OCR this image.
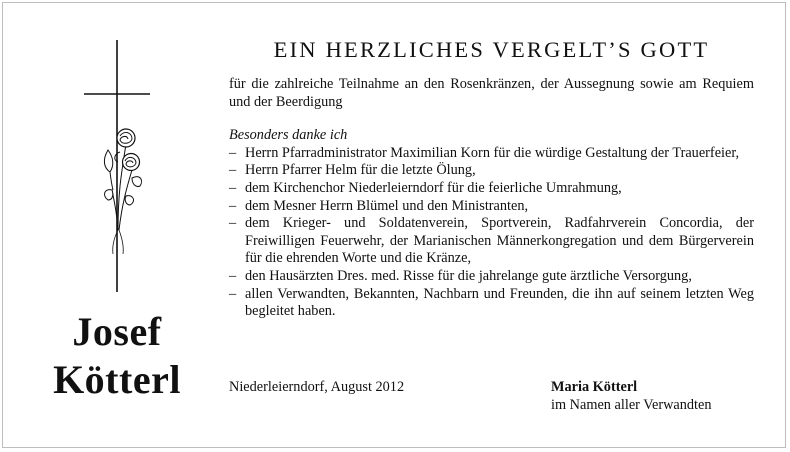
Josef
Kötterl
EIN HERZLICHES VERGELT’S GOTT

für die zahlreiche Teilnahme an den Rosenkränzen, der Aussegnung sowie am Requiem und der Beerdigung

Besonders danke ich

– Herrn Pfarradministrator Maximilian Korn für die würdige Gestaltung der Trauerfeier,
– Herrn Pfarrer Helm für die letzte Ölung,
– dem Kirchenchor Niederleierndorf für die feierliche Umrahmung,
– dem Mesner Herrn Blümel und den Ministranten,
– dem Krieger- und Soldatenverein, Sportverein, Radfahrverein Concordia, der Freiwilligen Feuerwehr, der Marianischen Männerkongregation und dem Bürgerverein für die ehrenden Worte und die Kränze,
– den Hausärzten Dres. med. Risse für die jahrelange gute ärztliche Versorgung,
– allen Verwandten, Bekannten, Nachbarn und Freunden, die ihn auf seinem letzten Weg begleitet haben.
Niederleierndorf, August 2012	Maria Kötterl
im Namen aller Verwandten
